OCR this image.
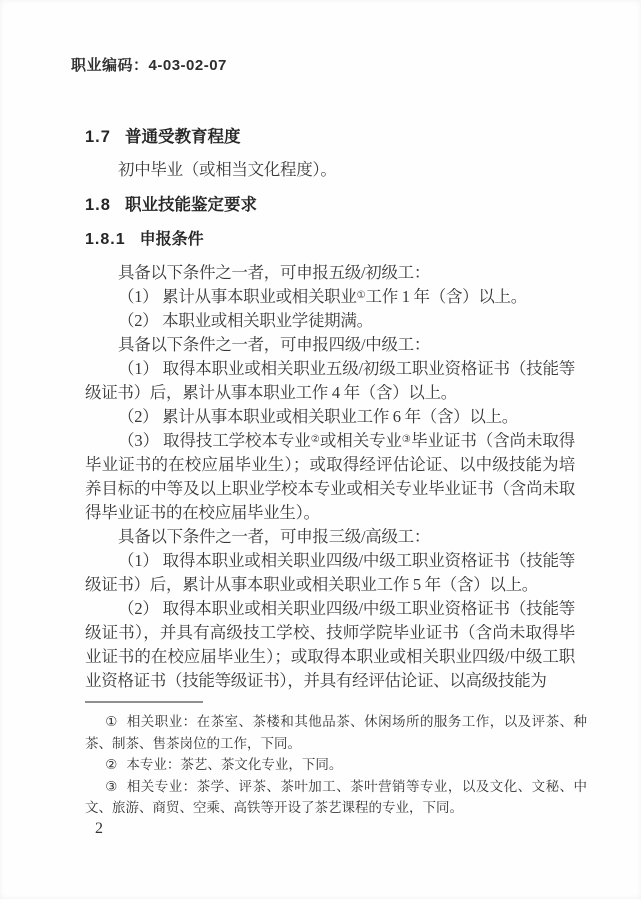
职业编码：4-03-02-07
1.7 普通受教育程度

初中毕业（或相当文化程度）。

1.8 职业技能鉴定要求
1.8.1 申报条件

具备以下条件之一者，可申报五级/初级工：

（1） 累计从事本职业或相关职业①工作 1 年（含）以上。

（2） 本职业或相关职业学徒期满。

具备以下条件之一者，可申报四级/中级工：

（1） 取得本职业或相关职业五级/初级工职业资格证书（技能等级证书）后，累计从事本职业工作 4 年（含）以上。

（2） 累计从事本职业或相关职业工作 6 年（含）以上。

（3） 取得技工学校本专业②或相关专业③毕业证书（含尚未取得毕业证书的在校应届毕业生）；或取得经评估论证、以中级技能为培养目标的中等及以上职业学校本专业或相关专业毕业证书（含尚未取得毕业证书的在校应届毕业生）。

具备以下条件之一者，可申报三级/高级工：

（1） 取得本职业或相关职业四级/中级工职业资格证书（技能等级证书）后，累计从事本职业或相关职业工作 5 年（含）以上。

（2） 取得本职业或相关职业四级/中级工职业资格证书（技能等级证书），并具有高级技工学校、技师学院毕业证书（含尚未取得毕业证书的在校应届毕业生）；或取得本职业或相关职业四级/中级工职业资格证书（技能等级证书），并具有经评估论证、以高级技能为

① 相关职业：在茶室、茶楼和其他品茶、休闲场所的服务工作，以及评茶、种茶、制茶、售茶岗位的工作，下同。

② 本专业：茶艺、茶文化专业，下同。

③ 相关专业：茶学、评茶、茶叶加工、茶叶营销等专业，以及文化、文秘、中文、旅游、商贸、空乘、高铁等开设了茶艺课程的专业，下同。

2
